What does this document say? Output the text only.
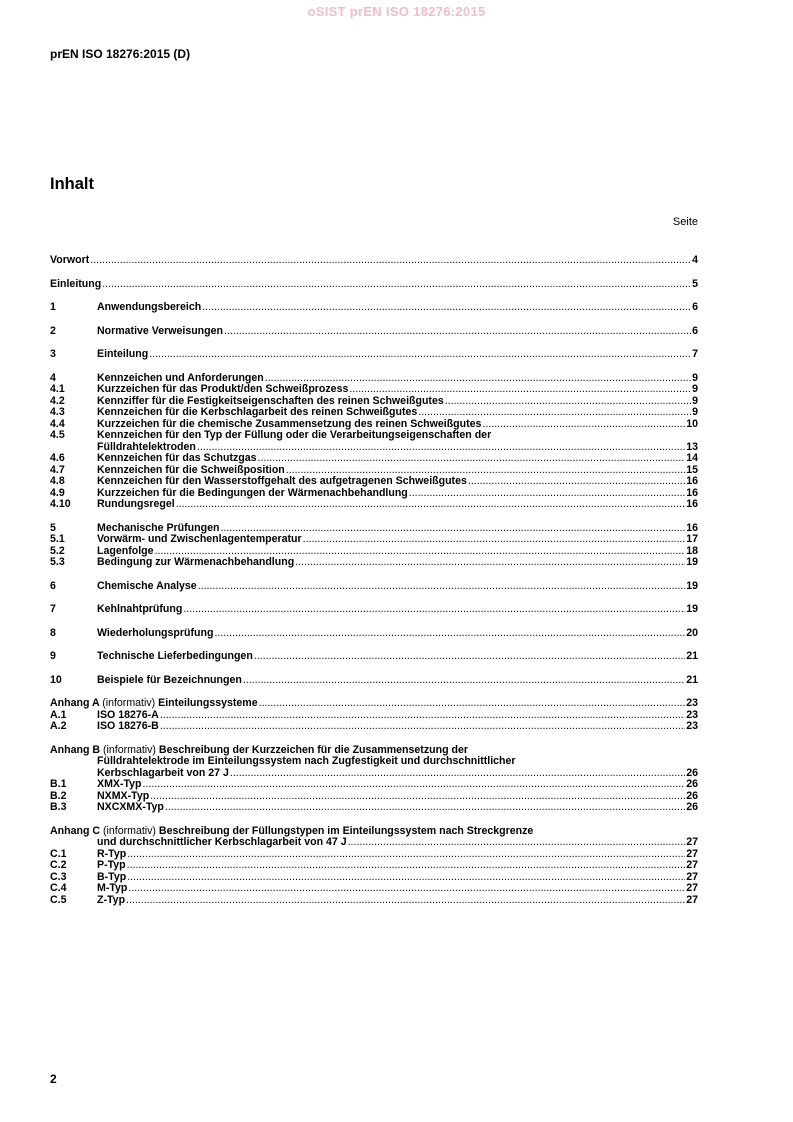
oSIST prEN ISO 18276:2015
prEN ISO 18276:2015 (D)
Inhalt
Seite
Vorwort .....	4
Einleitung .....	5
1	Anwendungsbereich .....	6
2	Normative Verweisungen .....	6
3	Einteilung .....	7
4	Kennzeichen und Anforderungen .....	9
4.1	Kurzzeichen für das Produkt/den Schweißprozess .....	9
4.2	Kennziffer für die Festigkeitseigenschaften des reinen Schweißgutes .....	9
4.3	Kennzeichen für die Kerbschlagarbeit des reinen Schweißgutes .....	9
4.4	Kurzzeichen für die chemische Zusammensetzung des reinen Schweißgutes .....	10
4.5	Kennzeichen für den Typ der Füllung oder die Verarbeitungseigenschaften der
Fülldrahtelektroden .....	13
4.6	Kennzeichen für das Schutzgas .....	14
4.7	Kennzeichen für die Schweißposition .....	15
4.8	Kennzeichen für den Wasserstoffgehalt des aufgetragenen Schweißgutes .....	16
4.9	Kurzzeichen für die Bedingungen der Wärmenachbehandlung .....	16
4.10 Rundungsregel .....	16
5	Mechanische Prüfungen .....	16
5.1	Vorwärm- und Zwischenlagentemperatur .....	17
5.2	Lagenfolge .....	18
5.3	Bedingung zur Wärmenachbehandlung .....	19
6	Chemische Analyse .....	19
7	Kehlnahtprüfung .....	19
8	Wiederholungsprüfung .....	20
9	Technische Lieferbedingungen .....	21
10	Beispiele für Bezeichnungen .....	21
Anhang A (informativ) Einteilungssysteme .....	23
A.1	ISO 18276-A .....	23
A.2	ISO 18276-B .....	23
Anhang B (informativ) Beschreibung der Kurzzeichen für die Zusammensetzung der
Fülldrahtelektrode im Einteilungssystem nach Zugfestigkeit und durchschnittlicher
Kerbschlagarbeit von 27 J .....	26
B.1	XMX-Typ .....	26
B.2	NXMX-Typ .....	26
B.3	NXCXMX-Typ .....	26
Anhang C (informativ) Beschreibung der Füllungstypen im Einteilungssystem nach Streckgrenze
und durchschnittlicher Kerbschlagarbeit von 47 J .....	27
C.1	R-Typ .....	27
C.2	P-Typ .....	27
C.3	B-Typ .....	27
C.4	M-Typ .....	27
C.5	Z-Typ .....	27
2
